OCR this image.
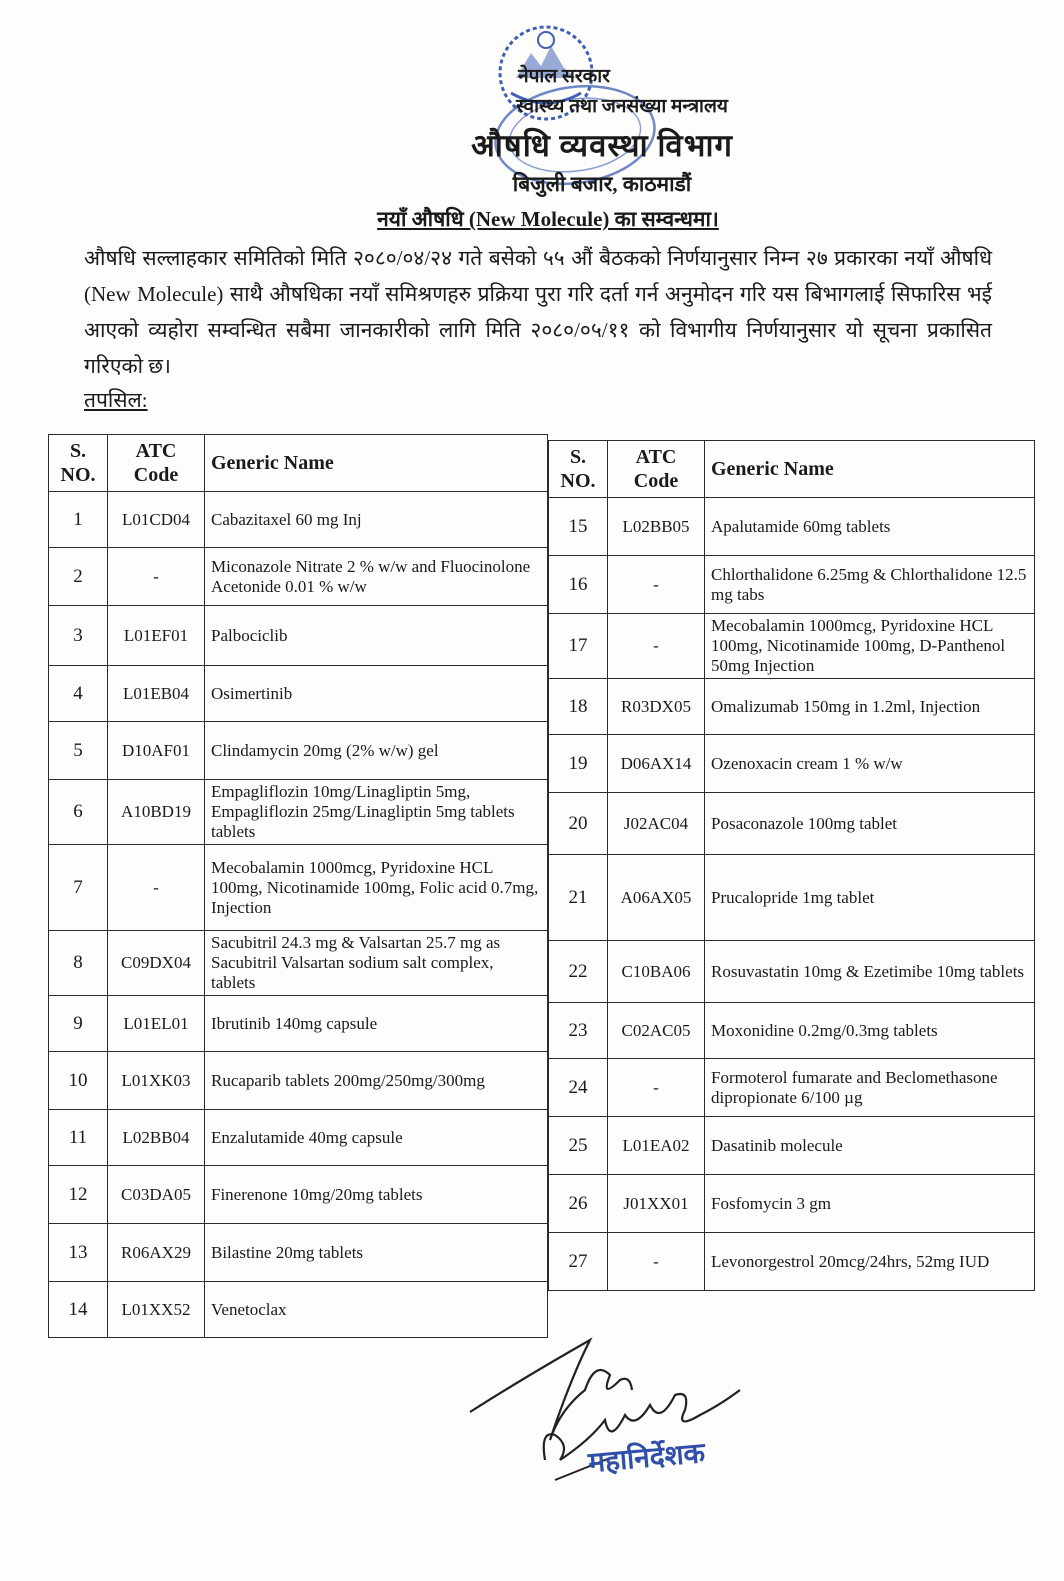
नेपाल सरकार
स्वास्थ्य तथा जनसंख्या मन्त्रालय
औषधि व्यवस्था विभाग
बिजुली बजार, काठमाडौं
नयाँ औषधि (New Molecule) का सम्वन्धमा।
औषधि सल्लाहकार समितिको मिति २०८०/०४/२४ गते बसेको ५५ औं बैठकको निर्णयानुसार निम्न २७ प्रकारका नयाँ औषधि (New Molecule) साथै औषधिका नयाँ समिश्रणहरु प्रक्रिया पुरा गरि दर्ता गर्न अनुमोदन गरि यस बिभागलाई सिफारिस भई आएको व्यहोरा सम्वन्धित सबैमा जानकारीको लागि मिति २०८०/०५/११ को विभागीय निर्णयानुसार यो सूचना प्रकासित गरिएको छ।
तपसिल:
S. NO.	ATC Code	Generic Name
1	L01CD04	Cabazitaxel 60 mg Inj
2	-	Miconazole Nitrate 2 % w/w and Fluocinolone Acetonide 0.01 % w/w
3	L01EF01	Palbociclib
4	L01EB04	Osimertinib
5	D10AF01	Clindamycin 20mg (2% w/w) gel
6	A10BD19	Empagliflozin 10mg/Linagliptin 5mg, Empagliflozin 25mg/Linagliptin 5mg tablets tablets
7	-	Mecobalamin 1000mcg, Pyridoxine HCL 100mg, Nicotinamide 100mg, Folic acid 0.7mg, Injection
8	C09DX04	Sacubitril 24.3 mg & Valsartan 25.7 mg as Sacubitril Valsartan sodium salt complex, tablets
9	L01EL01	Ibrutinib 140mg capsule
10	L01XK03	Rucaparib tablets 200mg/250mg/300mg
11	L02BB04	Enzalutamide 40mg capsule
12	C03DA05	Finerenone 10mg/20mg tablets
13	R06AX29	Bilastine 20mg tablets
14	L01XX52	Venetoclax
S. NO.	ATC Code	Generic Name
15	L02BB05	Apalutamide 60mg tablets
16	-	Chlorthalidone 6.25mg & Chlorthalidone 12.5 mg tabs
17	-	Mecobalamin 1000mcg, Pyridoxine HCL 100mg, Nicotinamide 100mg, D-Panthenol 50mg Injection
18	R03DX05	Omalizumab 150mg in 1.2ml, Injection
19	D06AX14	Ozenoxacin cream 1 % w/w
20	J02AC04	Posaconazole 100mg tablet
21	A06AX05	Prucalopride 1mg tablet
22	C10BA06	Rosuvastatin 10mg & Ezetimibe 10mg tablets
23	C02AC05	Moxonidine 0.2mg/0.3mg tablets
24	-	Formoterol fumarate and Beclomethasone dipropionate 6/100 µg
25	L01EA02	Dasatinib molecule
26	J01XX01	Fosfomycin 3 gm
27	-	Levonorgestrol 20mcg/24hrs, 52mg IUD
महानिर्देशक
